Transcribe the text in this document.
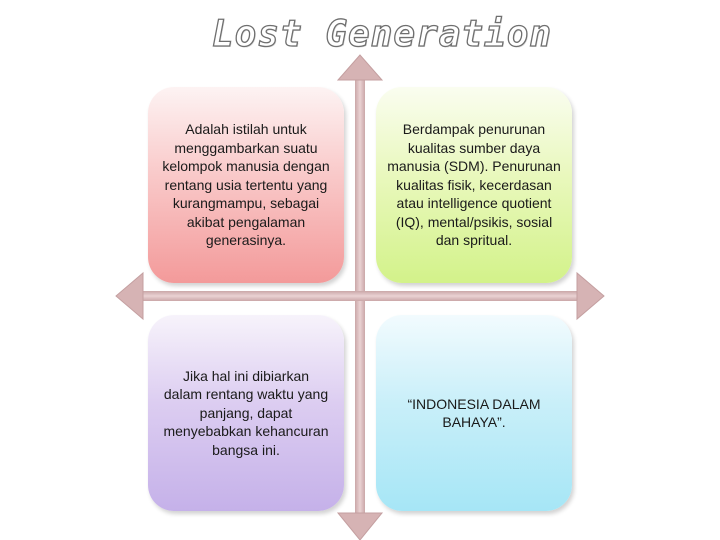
Lost Generation
Adalah istilah untuk menggambarkan suatu kelompok manusia dengan rentang usia tertentu yang kurangmampu, sebagai akibat pengalaman generasinya.
Berdampak penurunan kualitas sumber daya manusia (SDM). Penurunan kualitas fisik, kecerdasan atau intelligence quotient (IQ), mental/psikis, sosial dan spritual.
Jika hal ini dibiarkan dalam rentang waktu yang panjang, dapat menyebabkan kehancuran bangsa ini.
“INDONESIA DALAM BAHAYA”.
